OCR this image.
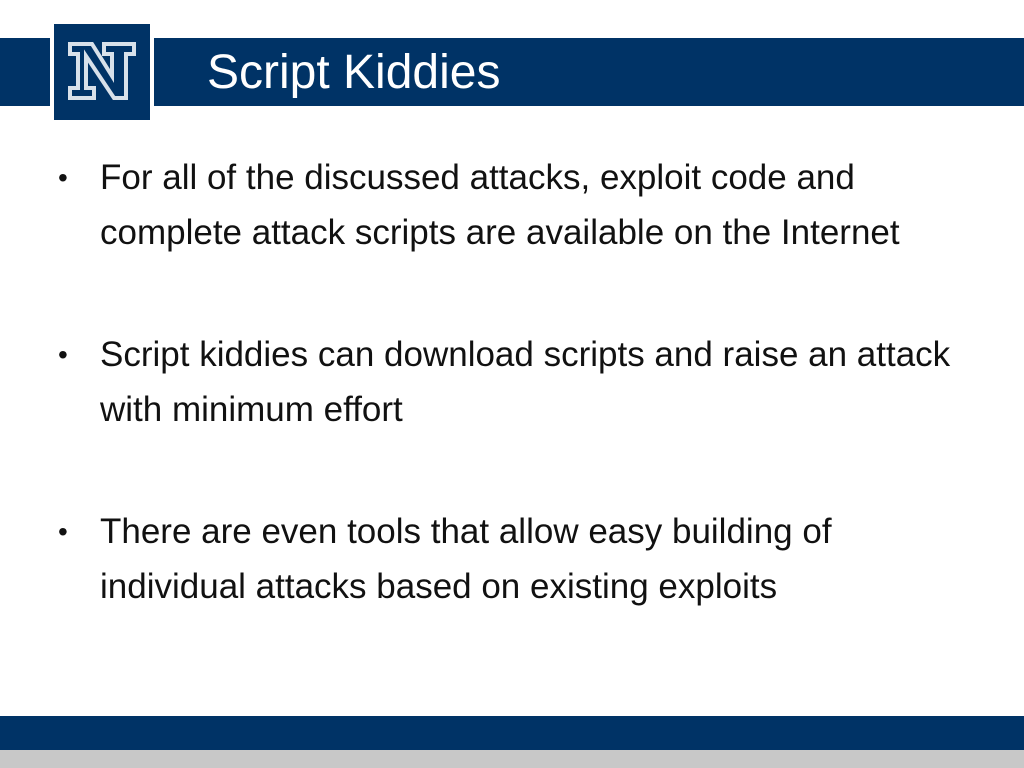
Script Kiddies
• For all of the discussed attacks, exploit code and complete attack scripts are available on the Internet
• Script kiddies can download scripts and raise an attack with minimum effort
• There are even tools that allow easy building of individual attacks based on existing exploits
